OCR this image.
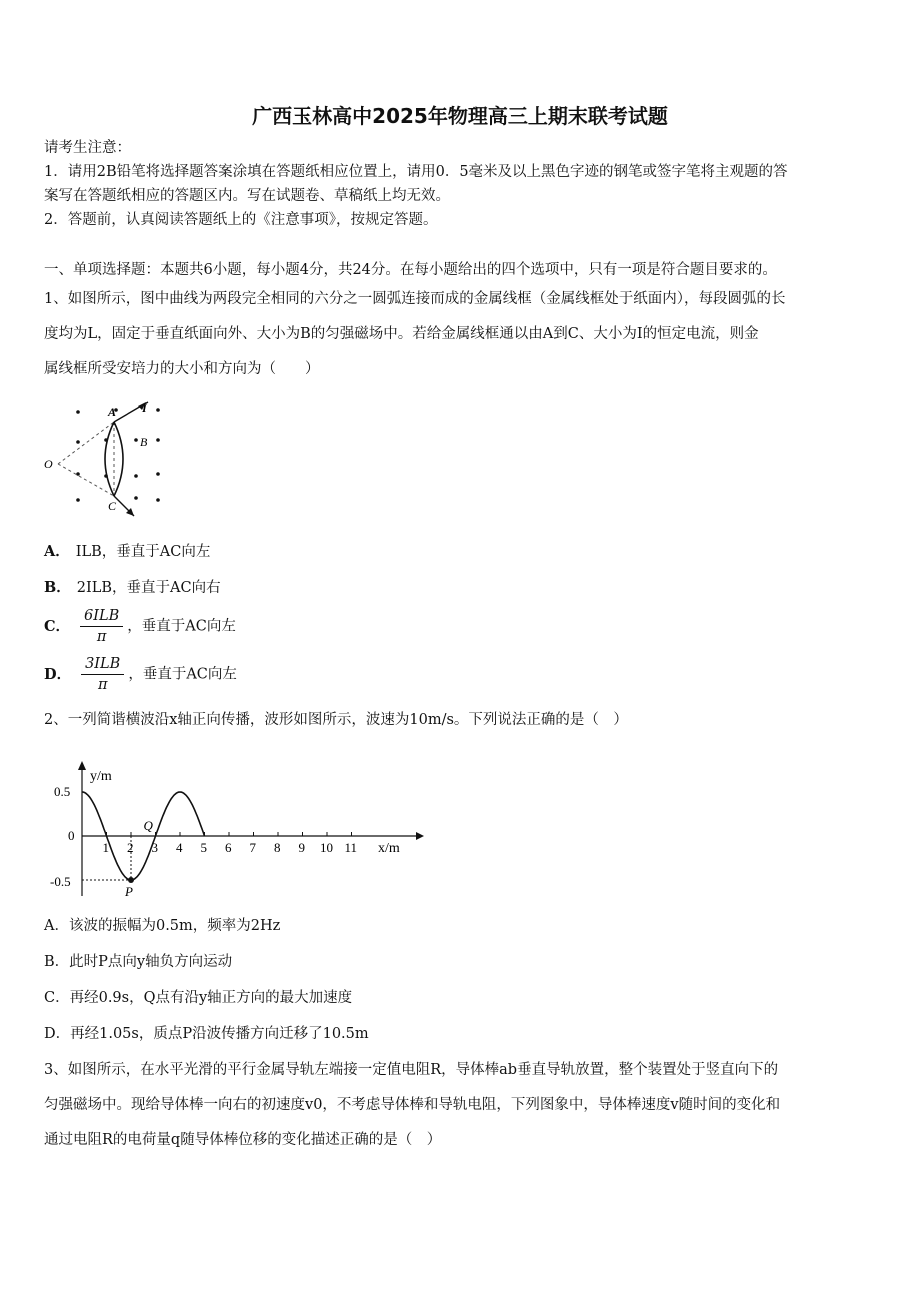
广西玉林高中2025年物理高三上期末联考试题
请考生注意：
1．请用2B铅笔将选择题答案涂填在答题纸相应位置上，请用0．5毫米及以上黑色字迹的钢笔或签字笔将主观题的答
案写在答题纸相应的答题区内。写在试题卷、草稿纸上均无效。
2．答题前，认真阅读答题纸上的《注意事项》，按规定答题。
一、单项选择题：本题共6小题，每小题4分，共24分。在每小题给出的四个选项中，只有一项是符合题目要求的。
1、如图所示，图中曲线为两段完全相同的六分之一圆弧连接而成的金属线框（金属线框处于纸面内），每段圆弧的长
度均为L，固定于垂直纸面向外、大小为B的匀强磁场中。若给金属线框通以由A到C、大小为I的恒定电流，则金
属线框所受安培力的大小和方向为（　　）
O
A
B
C
I
A． ILB，垂直于AC向左
B． 2ILB，垂直于AC向右
C． $\frac{\text{6ILB}}{\pi}$ ，垂直于AC向左
D． $\frac{\text{3ILB}}{\pi}$ ，垂直于AC向左
2、一列简谐横波沿x轴正向传播，波形如图所示，波速为10m/s。下列说法正确的是（　）
y/m
x/m
0.5
0
-0.5
1 2 3 4 5 6 7 8 9 10 11
P
Q
A．该波的振幅为0.5m，频率为2Hz
B．此时P点向y轴负方向运动
C．再经0.9s，Q点有沿y轴正方向的最大加速度
D．再经1.05s，质点P沿波传播方向迁移了10.5m
3、如图所示，在水平光滑的平行金属导轨左端接一定值电阻R，导体棒ab垂直导轨放置，整个装置处于竖直向下的
匀强磁场中。现给导体棒一向右的初速度v0，不考虑导体棒和导轨电阻，下列图象中，导体棒速度v随时间的变化和
通过电阻R的电荷量q随导体棒位移的变化描述正确的是（　）
